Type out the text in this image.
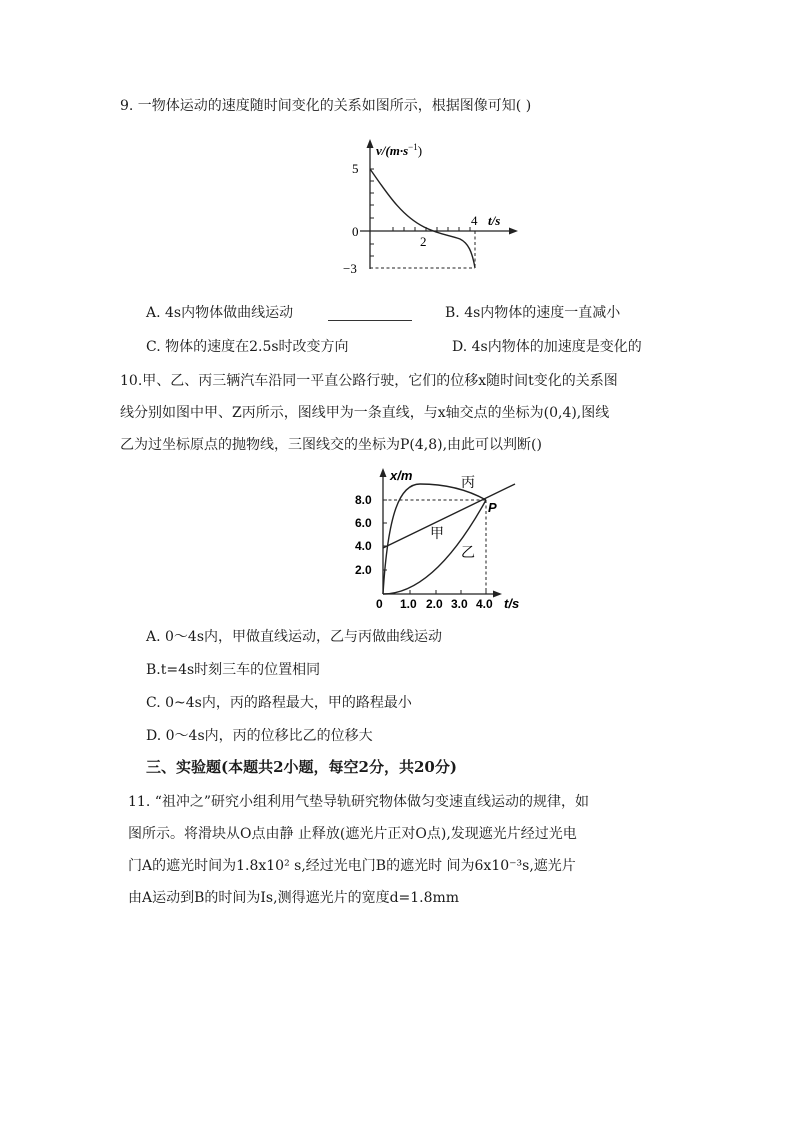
9. 一物体运动的速度随时间变化的关系如图所示，根据图像可知( )
$v/(m\cdot s^{-1})$
5
0
−3
2
4 t/s
A. 4s内物体做曲线运动	B. 4s内物体的速度一直减小
C. 物体的速度在2.5s时改变方向	D. 4s内物体的加速度是变化的
10.甲、乙、丙三辆汽车沿同一平直公路行驶，它们的位移x随时间t变化的关系图
线分别如图中甲、Z丙所示，图线甲为一条直线，与x轴交点的坐标为(0,4),图线
乙为过坐标原点的抛物线，三图线交的坐标为P(4,8),由此可以判断()
x/m
8.0
6.0
4.0
2.0
0 1.0 2.0 3.0 4.0 t/s
丙
甲
乙
P
A. 0～4s内，甲做直线运动，乙与丙做曲线运动
B.t=4s时刻三车的位置相同
C. 0~4s内，丙的路程最大，甲的路程最小
D. 0～4s内，丙的位移比乙的位移大
三、实验题(本题共2小题，每空2分，共20分)
11. “祖冲之”研究小组利用气垫导轨研究物体做匀变速直线运动的规律，如
图所示。将滑块从O点由静 止释放(遮光片正对O点),发现遮光片经过光电
门A的遮光时间为1.8x10² s,经过光电门B的遮光时 间为6x10⁻³s,遮光片
由A运动到B的时间为Is,测得遮光片的宽度d=1.8mm
